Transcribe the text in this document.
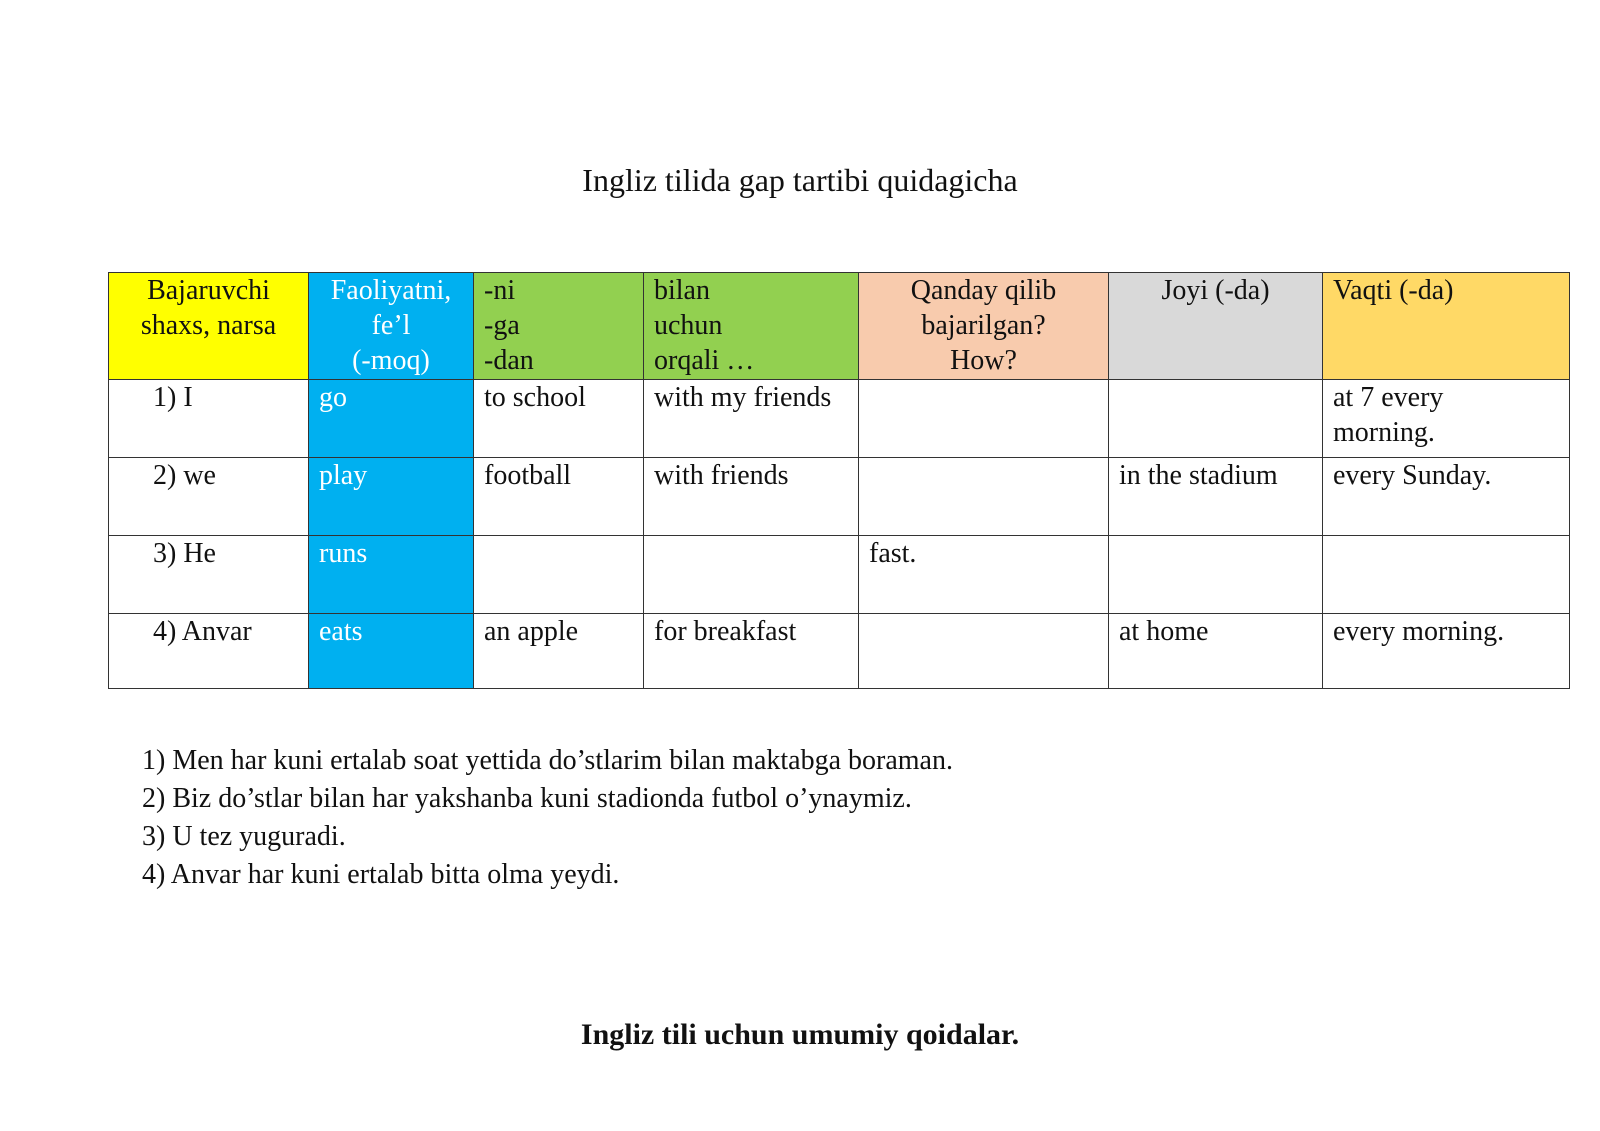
Ingliz tilida gap tartibi quidagicha
Bajaruvchi
shaxs, narsa	Faoliyatni,
fe’l
(-moq)	-ni
-ga
-dan	bilan
uchun
orqali …	Qanday qilib
bajarilgan?
How?	Joyi (-da)	Vaqti (-da)
1) I	go	to school	with my friends			at 7 every
morning.
2) we	play	football	with friends		in the stadium	every Sunday.
3) He	runs			fast.		
4) Anvar	eats	an apple	for breakfast		at home	every morning.
1) Men har kuni ertalab soat yettida do’stlarim bilan maktabga boraman.
2) Biz do’stlar bilan har yakshanba kuni stadionda futbol o’ynaymiz.
3) U tez yuguradi.
4) Anvar har kuni ertalab bitta olma yeydi.
Ingliz tili uchun umumiy qoidalar.
